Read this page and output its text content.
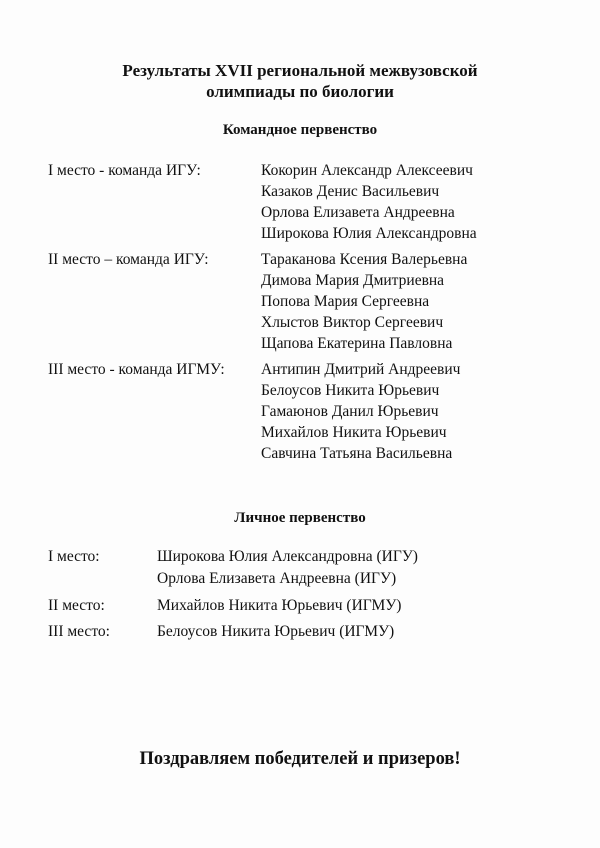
Результаты XVII региональной межвузовской
олимпиады по биологии
Командное первенство
I место - команда ИГУ:	Кокорин Александр Алексеевич
Казаков Денис Васильевич
Орлова Елизавета Андреевна
Широкова Юлия Александровна
II место – команда ИГУ:	Тараканова Ксения Валерьевна
Димова Мария Дмитриевна
Попова Мария Сергеевна
Хлыстов Виктор Сергеевич
Щапова Екатерина Павловна
III место - команда ИГМУ: Антипин Дмитрий Андреевич
Белоусов Никита Юрьевич
Гамаюнов Данил Юрьевич
Михайлов Никита Юрьевич
Савчина Татьяна Васильевна
Личное первенство
I место:	Широкова Юлия Александровна (ИГУ)
Орлова Елизавета Андреевна (ИГУ)
II место:	Михайлов Никита Юрьевич (ИГМУ)
III место:	Белоусов Никита Юрьевич (ИГМУ)
Поздравляем победителей и призеров!
